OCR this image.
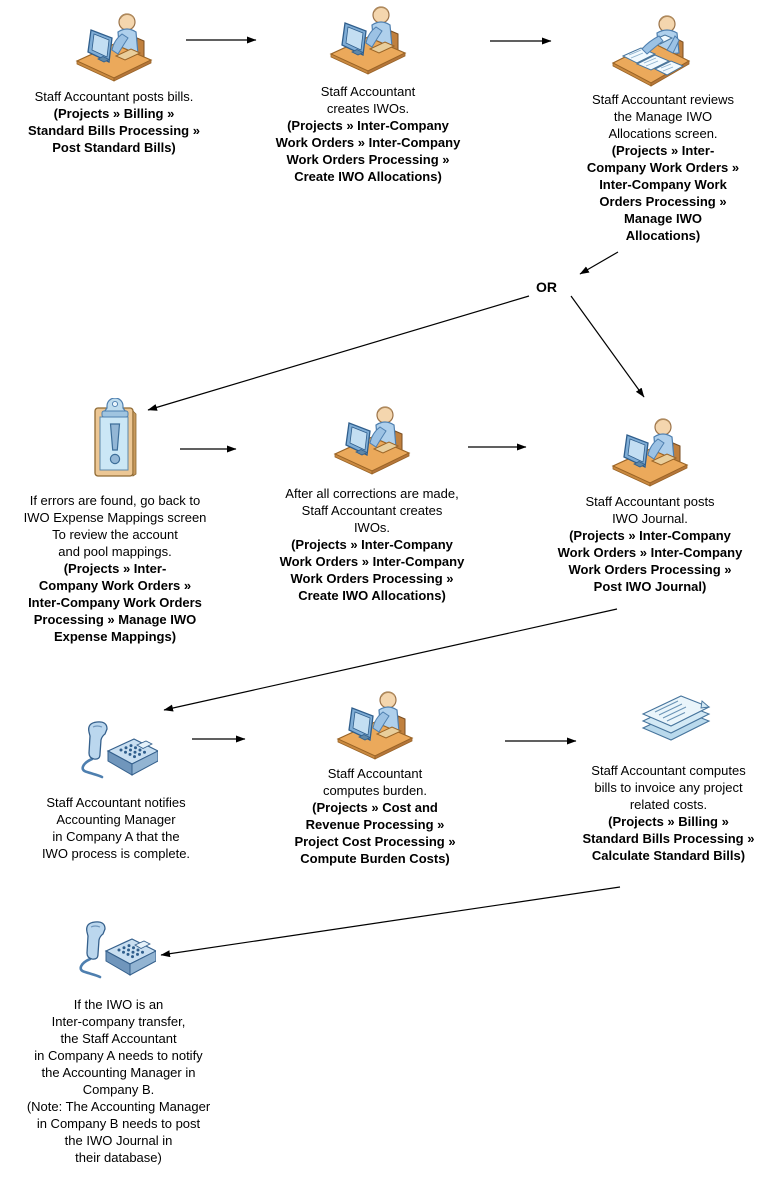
OR
Staff Accountant posts bills.
(Projects » Billing »
Standard Bills Processing »
Post Standard Bills)
Staff Accountant
creates IWOs.
(Projects » Inter-Company
Work Orders » Inter-Company
Work Orders Processing »
Create IWO Allocations)
Staff Accountant reviews
the Manage IWO
Allocations screen.
(Projects » Inter-
Company Work Orders »
Inter-Company Work
Orders Processing »
Manage IWO
Allocations)
If errors are found, go back to
IWO Expense Mappings screen
To review the account
and pool mappings.
(Projects » Inter-
Company Work Orders »
Inter-Company Work Orders
Processing » Manage IWO
Expense Mappings)
After all corrections are made,
Staff Accountant creates
IWOs.
(Projects » Inter-Company
Work Orders » Inter-Company
Work Orders Processing »
Create IWO Allocations)
Staff Accountant posts
IWO Journal.
(Projects » Inter-Company
Work Orders » Inter-Company
Work Orders Processing »
Post IWO Journal)
Staff Accountant notifies
Accounting Manager
in Company A that the
IWO process is complete.
Staff Accountant
computes burden.
(Projects » Cost and
Revenue Processing »
Project Cost Processing »
Compute Burden Costs)
Staff Accountant computes
bills to invoice any project
related costs.
(Projects » Billing »
Standard Bills Processing »
Calculate Standard Bills)
If the IWO is an
Inter-company transfer,
the Staff Accountant
in Company A needs to notify
the Accounting Manager in
Company B.
(Note: The Accounting Manager
in Company B needs to post
the IWO Journal in
their database)
